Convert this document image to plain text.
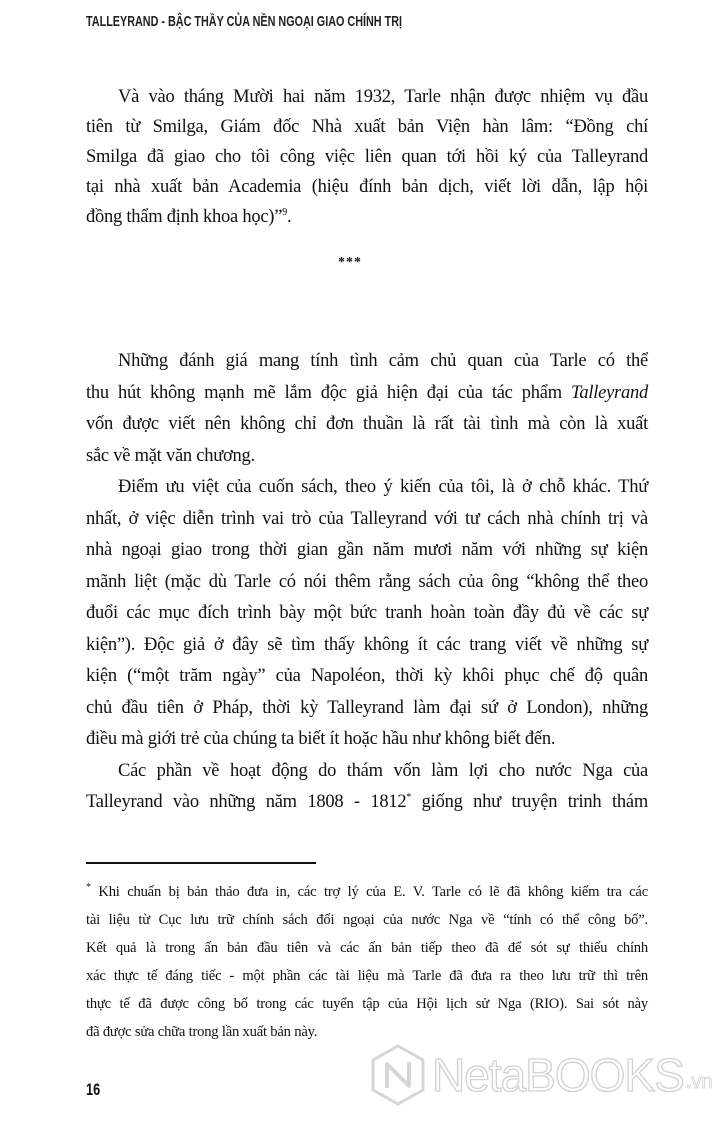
TALLEYRAND - BẬC THẦY CỦA NỀN NGOẠI GIAO CHÍNH TRỊ
Và vào tháng Mười hai năm 1932, Tarle nhận được nhiệm vụ đầu
tiên từ Smilga, Giám đốc Nhà xuất bản Viện hàn lâm: “Đồng chí
Smilga đã giao cho tôi công việc liên quan tới hồi ký của Talleyrand
tại nhà xuất bản Academia (hiệu đính bản dịch, viết lời dẫn, lập hội
đồng thẩm định khoa học)”$^9$.
***
Những đánh giá mang tính tình cảm chủ quan của Tarle có thể
thu hút không mạnh mẽ lắm độc giả hiện đại của tác phẩm Talleyrand
vốn được viết nên không chỉ đơn thuần là rất tài tình mà còn là xuất
sắc về mặt văn chương.
Điểm ưu việt của cuốn sách, theo ý kiến của tôi, là ở chỗ khác. Thứ
nhất, ở việc diễn trình vai trò của Talleyrand với tư cách nhà chính trị và
nhà ngoại giao trong thời gian gần năm mươi năm với những sự kiện
mãnh liệt (mặc dù Tarle có nói thêm rằng sách của ông “không thể theo
đuổi các mục đích trình bày một bức tranh hoàn toàn đầy đủ về các sự
kiện”). Độc giả ở đây sẽ tìm thấy không ít các trang viết về những sự
kiện (“một trăm ngày” của Napoléon, thời kỳ khôi phục chế độ quân
chủ đầu tiên ở Pháp, thời kỳ Talleyrand làm đại sứ ở London), những
điều mà giới trẻ của chúng ta biết ít hoặc hầu như không biết đến.
Các phần về hoạt động do thám vốn làm lợi cho nước Nga của
Talleyrand vào những năm 1808 - 1812* giống như truyện trinh thám
* Khi chuẩn bị bản thảo đưa in, các trợ lý của E. V. Tarle có lẽ đã không kiểm tra các
tài liệu từ Cục lưu trữ chính sách đối ngoại của nước Nga về “tính có thể công bố”.
Kết quả là trong ấn bản đầu tiên và các ấn bản tiếp theo đã để sót sự thiếu chính
xác thực tế đáng tiếc - một phần các tài liệu mà Tarle đã đưa ra theo lưu trữ thì trên
thực tế đã được công bố trong các tuyển tập của Hội lịch sử Nga (RIO). Sai sót này
đã được sửa chữa trong lần xuất bản này.
16	NetaBOOKS .vn
